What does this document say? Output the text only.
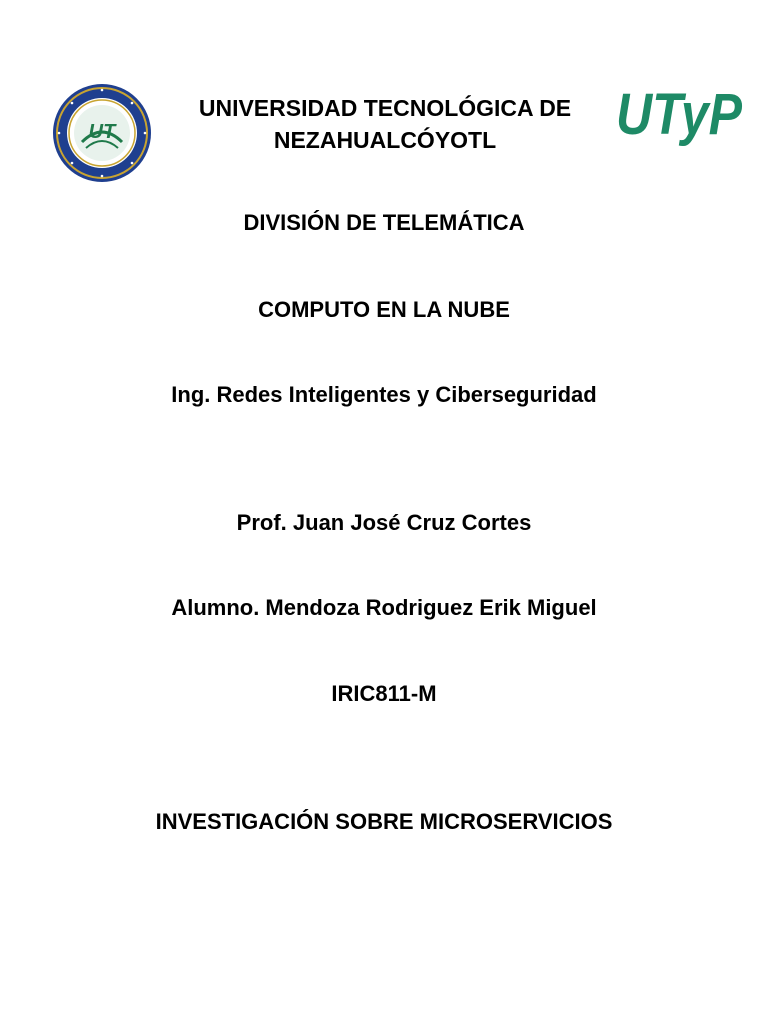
UT
UNIVERSIDAD TECNOLÓGICA DE
NEZAHUALCÓYOTL	UTyP
DIVISIÓN DE TELEMÁTICA
COMPUTO EN LA NUBE
Ing. Redes Inteligentes y Ciberseguridad
Prof. Juan José Cruz Cortes
Alumno. Mendoza Rodriguez Erik Miguel
IRIC811-M
INVESTIGACIÓN SOBRE MICROSERVICIOS
